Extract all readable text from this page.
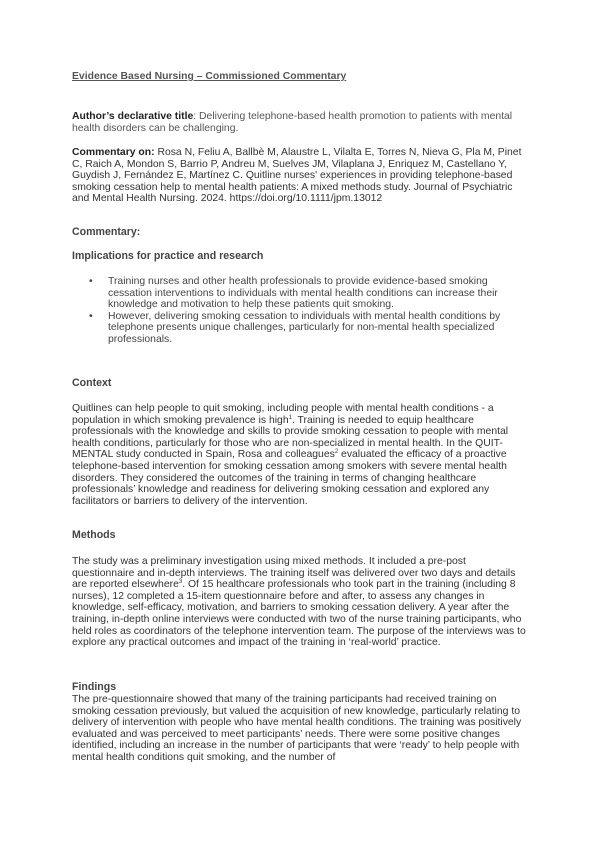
Evidence Based Nursing – Commissioned Commentary

Author’s declarative title: Delivering telephone-based health promotion to patients with mental health disorders can be challenging.

Commentary on: Rosa N, Feliu A, Ballbè M, Alaustre L, Vilalta E, Torres N, Nieva G, Pla M, Pinet C, Raich A, Mondon S, Barrio P, Andreu M, Suelves JM, Vilaplana J, Enriquez M, Castellano Y, Guydish J, Fernández E, Martínez C. Quitline nurses' experiences in providing telephone-based smoking cessation help to mental health patients: A mixed methods study. Journal of Psychiatric and Mental Health Nursing. 2024. https://doi.org/10.1111/jpm.13012

Commentary:

Implications for practice and research

• Training nurses and other health professionals to provide evidence-based smoking cessation interventions to individuals with mental health conditions can increase their knowledge and motivation to help these patients quit smoking.
• However, delivering smoking cessation to individuals with mental health conditions by telephone presents unique challenges, particularly for non-mental health specialized professionals.

Context

Quitlines can help people to quit smoking, including people with mental health conditions - a population in which smoking prevalence is high$^1$. Training is needed to equip healthcare professionals with the knowledge and skills to provide smoking cessation to people with mental health conditions, particularly for those who are non-specialized in mental health. In the QUIT-MENTAL study conducted in Spain, Rosa and colleagues$^2$ evaluated the efficacy of a proactive telephone-based intervention for smoking cessation among smokers with severe mental health disorders. They considered the outcomes of the training in terms of changing healthcare professionals’ knowledge and readiness for delivering smoking cessation and explored any facilitators or barriers to delivery of the intervention.

Methods

The study was a preliminary investigation using mixed methods. It included a pre-post questionnaire and in-depth interviews. The training itself was delivered over two days and details are reported elsewhere$^3$. Of 15 healthcare professionals who took part in the training (including 8 nurses), 12 completed a 15-item questionnaire before and after, to assess any changes in knowledge, self-efficacy, motivation, and barriers to smoking cessation delivery. A year after the training, in-depth online interviews were conducted with two of the nurse training participants, who held roles as coordinators of the telephone intervention team. The purpose of the interviews was to explore any practical outcomes and impact of the training in ‘real-world’ practice.

Findings

The pre-questionnaire showed that many of the training participants had received training on smoking cessation previously, but valued the acquisition of new knowledge, particularly relating to delivery of intervention with people who have mental health conditions. The training was positively evaluated and was perceived to meet participants’ needs. There were some positive changes identified, including an increase in the number of participants that were ‘ready’ to help people with mental health conditions quit smoking, and the number of
